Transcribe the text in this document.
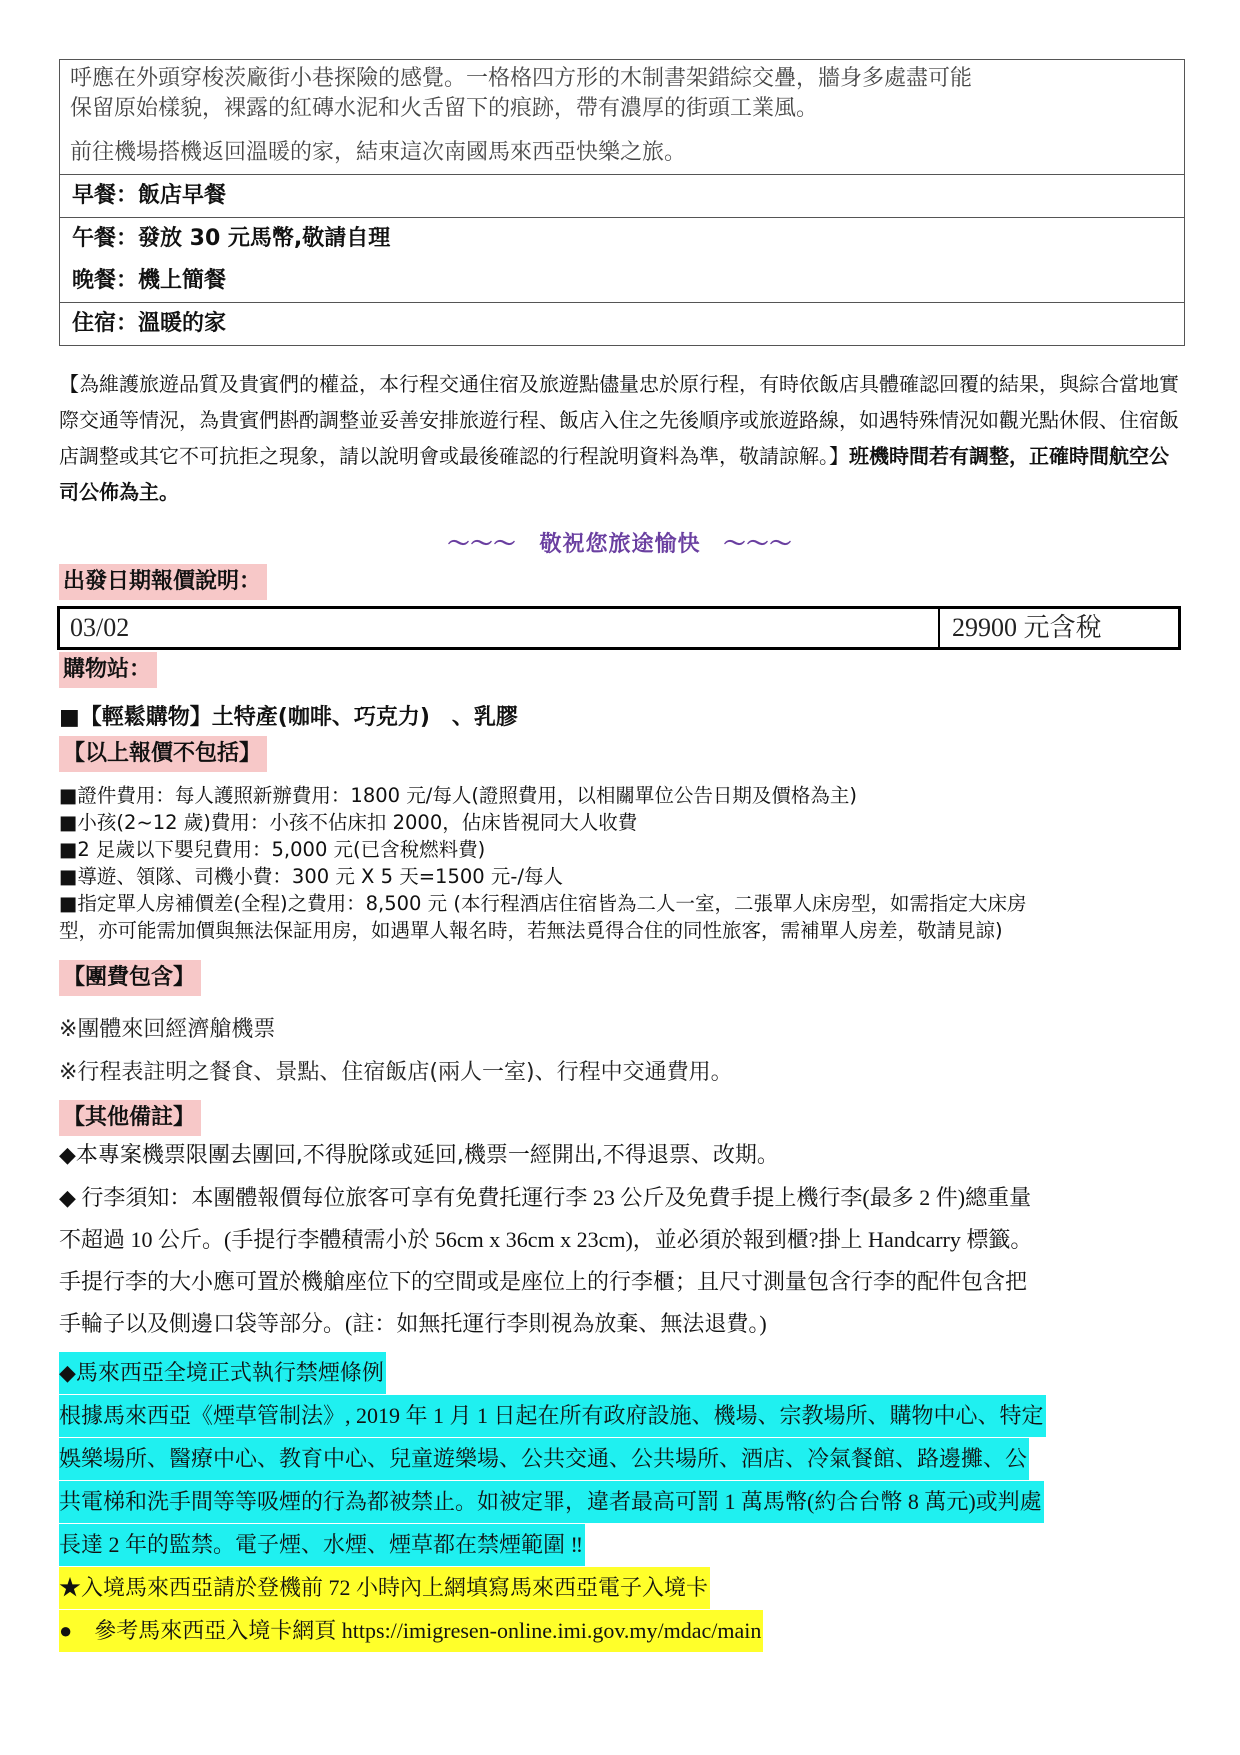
呼應在外頭穿梭茨廠街小巷探險的感覺。一格格四方形的木制書架錯綜交疊，牆身多處盡可能

保留原始樣貌，裸露的紅磚水泥和火舌留下的痕跡，帶有濃厚的街頭工業風。

前往機場搭機返回溫暖的家，結束這次南國馬來西亞快樂之旅。

早餐：飯店早餐
午餐：發放 30 元馬幣,敬請自理
晚餐：機上簡餐
住宿：溫暖的家
【為維護旅遊品質及貴賓們的權益，本行程交通住宿及旅遊點儘量忠於原行程，有時依飯店具體確認回覆的結果，與綜合當地實際交通等情況，為貴賓們斟酌調整並妥善安排旅遊行程、飯店入住之先後順序或旅遊路線，如遇特殊情況如觀光點休假、住宿飯店調整或其它不可抗拒之現象，請以說明會或最後確認的行程說明資料為準，敬請諒解。】班機時間若有調整，正確時間航空公司公佈為主。
～～～　敬祝您旅途愉快　～～～
出發日期報價說明：
03/02	29900 元含稅
購物站：
■【輕鬆購物】土特產(咖啡、巧克力)　、乳膠
【以上報價不包括】
■證件費用：每人護照新辦費用：1800 元/每人(證照費用，以相關單位公告日期及價格為主)
■小孩(2~12 歲)費用：小孩不佔床扣 2000，佔床皆視同大人收費
■2 足歲以下嬰兒費用：5,000 元(已含稅燃料費)
■導遊、領隊、司機小費：300 元 X 5 天=1500 元-/每人
■指定單人房補價差(全程)之費用：8,500 元 (本行程酒店住宿皆為二人一室，二張單人床房型，如需指定大床房
型，亦可能需加價與無法保証用房，如遇單人報名時，若無法覓得合住的同性旅客，需補單人房差，敬請見諒)
【團費包含】
※團體來回經濟艙機票
※行程表註明之餐食、景點、住宿飯店(兩人一室)、行程中交通費用。
【其他備註】
◆本專案機票限團去團回,不得脫隊或延回,機票一經開出,不得退票、改期。
◆ 行李須知：本團體報價每位旅客可享有免費托運行李 23 公斤及免費手提上機行李(最多 2 件)總重量
不超過 10 公斤。(手提行李體積需小於 56cm x 36cm x 23cm)，並必須於報到櫃?掛上 Handcarry 標籤。
手提行李的大小應可置於機艙座位下的空間或是座位上的行李櫃；且尺寸測量包含行李的配件包含把
手輪子以及側邊口袋等部分。(註：如無托運行李則視為放棄、無法退費。)
◆馬來西亞全境正式執行禁煙條例
根據馬來西亞《煙草管制法》, 2019 年 1 月 1 日起在所有政府設施、機場、宗教場所、購物中心、特定
娛樂場所、醫療中心、教育中心、兒童遊樂場、公共交通、公共場所、酒店、冷氣餐館、路邊攤、公
共電梯和洗手間等等吸煙的行為都被禁止。如被定罪，違者最高可罰 1 萬馬幣(約合台幣 8 萬元)或判處
長達 2 年的監禁。電子煙、水煙、煙草都在禁煙範圍 ‼
★入境馬來西亞請於登機前 72 小時內上網填寫馬來西亞電子入境卡
●　參考馬來西亞入境卡網頁 https://imigresen-online.imi.gov.my/mdac/main
